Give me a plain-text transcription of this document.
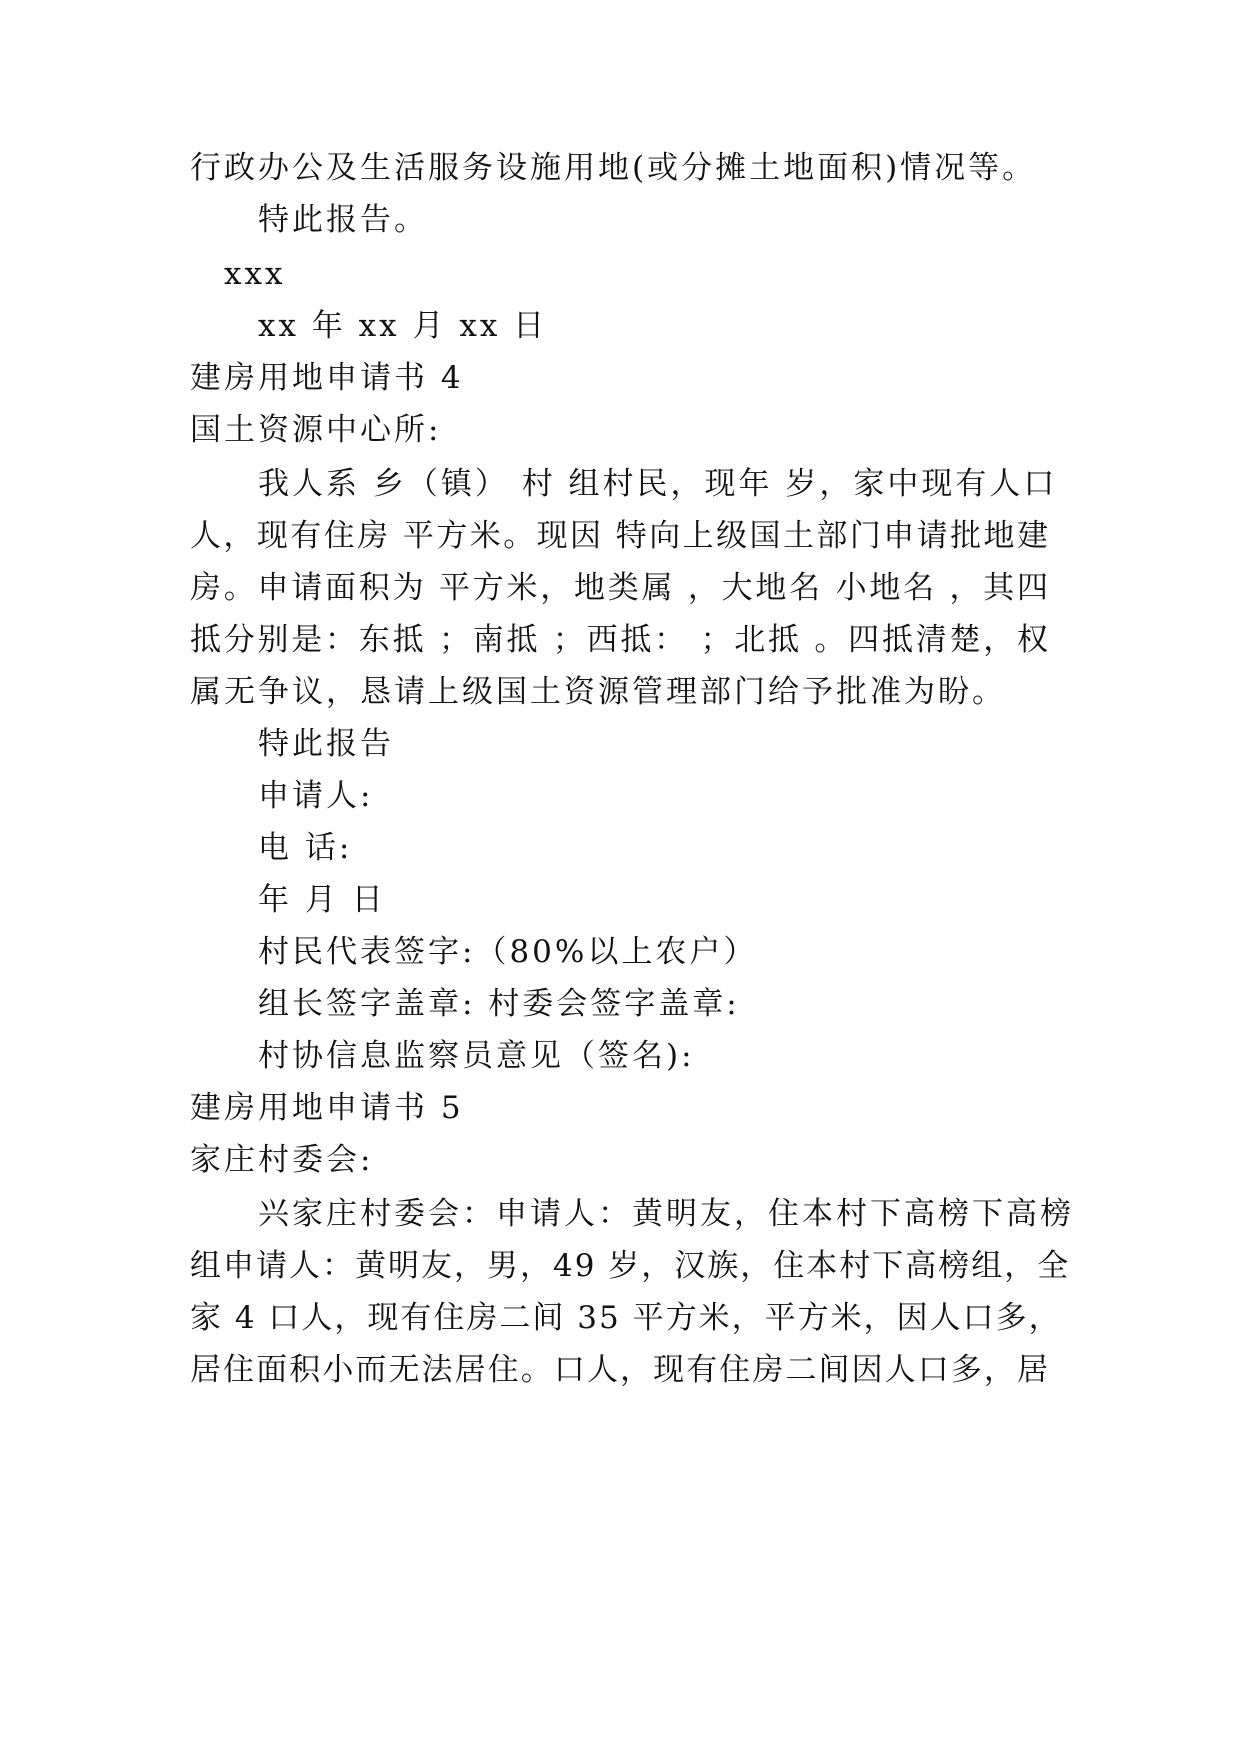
行政办公及生活服务设施用地(或分摊土地面积)情况等。
特此报告。
xxx
xx 年 xx 月 xx 日
建房用地申请书 4
国土资源中心所:
我人系 乡（镇） 村 组村民，现年 岁，家中现有人口
人，现有住房 平方米。现因 特向上级国土部门申请批地建
房。申请面积为 平方米，地类属 ，大地名 小地名 ，其四
抵分别是：东抵 ；南抵 ；西抵： ；北抵 。四抵清楚，权
属无争议，恳请上级国土资源管理部门给予批准为盼。
特此报告
申请人:
电 话:
年 月 日
村民代表签字:（80%以上农户）
组长签字盖章: 村委会签字盖章:
村协信息监察员意见（签名):
建房用地申请书 5
家庄村委会:
兴家庄村委会：申请人：黄明友，住本村下高榜下高榜
组申请人：黄明友，男，49 岁，汉族，住本村下高榜组，全
家 4 口人，现有住房二间 35 平方米，平方米，因人口多，
居住面积小而无法居住。口人，现有住房二间因人口多，居
